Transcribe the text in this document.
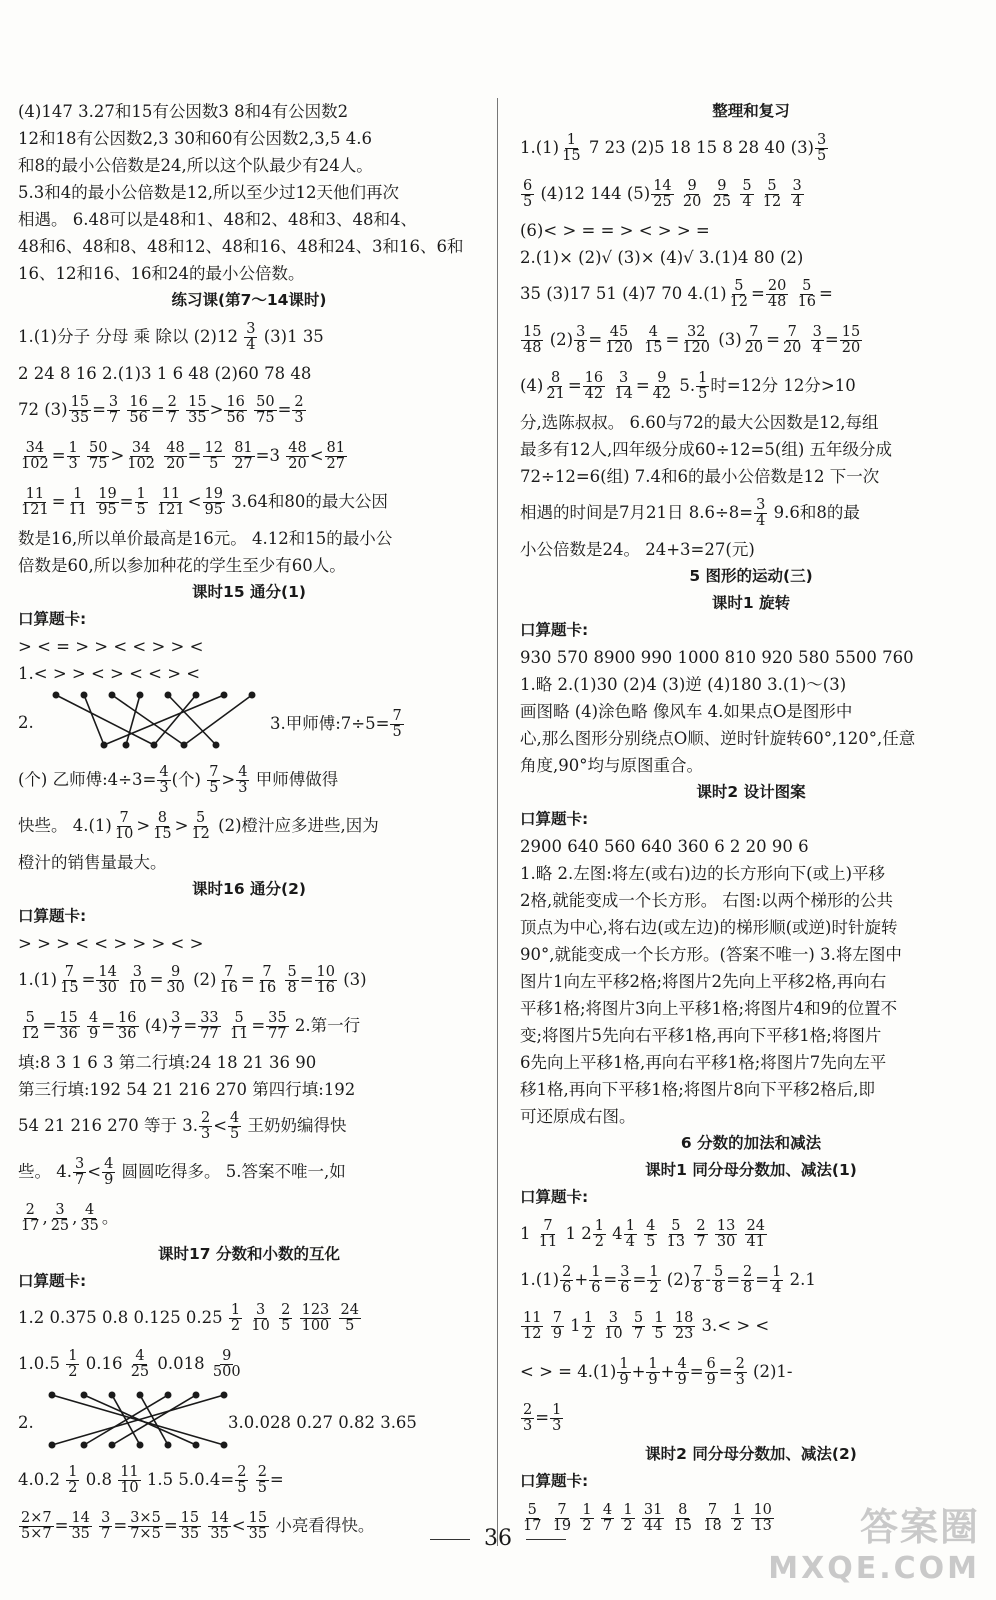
(4)147 3.27和15有公因数3 8和4有公因数2
12和18有公因数2,3 30和60有公因数2,3,5 4.6
和8的最小公倍数是24,所以这个队最少有24人。
5.3和4的最小公倍数是12,所以至少过12天他们再次
相遇。 6.48可以是48和1、48和2、48和3、48和4、
48和6、48和8、48和12、48和16、48和24、3和16、6和
16、12和16、16和24的最小公倍数。
练习课(第7～14课时)
1.(1)分子 分母 乘 除以 $(2)12 \frac{3}{4} (3)1$ 35
2 24 8 16 2.(1)3 1 6 48 (2)60 78 48
72 $(3) \frac{15}{35} = \frac{3}{7}$
$\frac{16}{56} = \frac{2}{7}$
$\frac{15}{35} > \frac{16}{56}$
$\frac{50}{75} = \frac{2}{3}$
$\frac{34}{102} = \frac{1}{3}$
$\frac{50}{75} > \frac{34}{102}$
$\frac{48}{20} = \frac{12}{5}$
$\frac{81}{27} =3 \frac{48}{20} < \frac{81}{27}$
$\frac{11}{121} = \frac{1}{11}$
$\frac{19}{95} = \frac{1}{5}$
$\frac{11}{121} < \frac{19}{95} 3.64$和80的最大公因
数是16,所以单价最高是16元。 4.12和15的最小公
倍数是60,所以参加种花的学生至少有60人。
课时15 通分(1)
口算题卡:
> < = > > < < > > <
1.< > > < > < < > <
2.	3.甲师傅:7÷5= $\frac{7}{5}$
(个) 乙师傅:4÷3= $\frac{4}{3}$ (个) $\frac{7}{5} > \frac{4}{3}$ 甲师傅做得
快些。 $4.(1) \frac{7}{10} > \frac{8}{15} > \frac{5}{12} (2)$橙汁应多进些,因为
橙汁的销售量最大。
课时16 通分(2)
口算题卡:
> > > < < > > > < >
$1.(1) \frac{7}{15} = \frac{14}{30}$
$\frac{3}{10} = \frac{9}{30} (2) \frac{7}{16} = \frac{7}{16}$
$\frac{5}{8} = \frac{10}{16} (3)$
$\frac{5}{12} = \frac{15}{36}$
$\frac{4}{9} = \frac{16}{36} (4) \frac{3}{7} = \frac{33}{77}$
$\frac{5}{11} = \frac{35}{77} 2$.第一行
填:8 3 1 6 3 第二行填:24 18 21 36 90
第三行填:192 54 21 216 270 第四行填:192
54 21 216 270 等于 3. $\frac{2}{3} < \frac{4}{5}$ 王奶奶编得快
些。 4. $\frac{3}{7} < \frac{4}{9}$ 圆圆吃得多。 5.答案不唯一,如
$\frac{2}{17}$ , $\frac{3}{25}$ , $\frac{4}{35}$ 。
课时17 分数和小数的互化
口算题卡:
1.2 0.375 0.8 0.125 $0.25 \frac{1}{2}$
$\frac{3}{10}$
$\frac{2}{5}$
$\frac{123}{100}$
$\frac{24}{5}$
$1.0.5 \frac{1}{2} 0.16 \frac{4}{25} 0.018 \frac{9}{500}$
2.	3.0.028 0.27 0.82 3.65
$4.0.2 \frac{1}{2} 0.8 \frac{11}{10} 1.5$ $5.0.4= \frac{2}{5}$
$\frac{2}{5}$ =
$\frac{2\times 7}{5\times 7} = \frac{14}{35}$
$\frac{3}{7} = \frac{3\times 5}{7\times 5} = \frac{15}{35}$
$\frac{14}{35} < \frac{15}{35}$ 小亮看得快。
整理和复习
$1.(1) \frac{1}{15} 7$ 23 (2)5 18 15 8 28 40 $(3) \frac{3}{5}$
$\frac{6}{5} (4)12$ 144 $(5) \frac{14}{25}$
$\frac{9}{20}$
$\frac{9}{25}$
$\frac{5}{4}$
$\frac{5}{12}$
$\frac{3}{4}$
(6)< > = = > < > > =
2.(1)× (2)√ (3)× (4)√ 3.(1)4 80 (2)
35 (3)17 51 (4)7 70 $4.(1) \frac{5}{12} = \frac{20}{48}$
$\frac{5}{16}$ =
$\frac{15}{48} (2) \frac{3}{8} = \frac{45}{120}$
$\frac{4}{15} = \frac{32}{120} (3) \frac{7}{20} = \frac{7}{20}$
$\frac{3}{4} = \frac{15}{20}$
$(4) \frac{8}{21} = \frac{16}{42}$
$\frac{3}{14} = \frac{9}{42} 5$. $\frac{1}{5}$ 时=12分 12分>10
分,选陈叔叔。 6.60与72的最大公因数是12,每组
最多有12人,四年级分成60÷12=5(组) 五年级分成
72÷12=6(组) 7.4和6的最小公倍数是12 下一次
相遇的时间是7月21日 $8.6\div 8= \frac{3}{4} 9.6$和8的最
小公倍数是24。 24+3=27(元)
5 图形的运动(三)
课时1 旋转
口算题卡:
930 570 8900 990 1000 810 920 580 5500 760
1.略 2.(1)30 (2)4 (3)逆 (4)180 3.(1)～(3)
画图略 (4)涂色略 像风车 4.如果点O是图形中
心,那么图形分别绕点O顺、逆时针旋转60°,120°,任意
角度,90°均与原图重合。
课时2 设计图案
口算题卡:
2900 640 560 640 360 6 2 20 90 6
1.略 2.左图:将左(或右)边的长方形向下(或上)平移
2格,就能变成一个长方形。 右图:以两个梯形的公共
顶点为中心,将右边(或左边)的梯形顺(或逆)时针旋转
90°,就能变成一个长方形。(答案不唯一) 3.将左图中
图片1向左平移2格;将图片2先向上平移2格,再向右
平移1格;将图片3向上平移1格;将图片4和9的位置不
变;将图片5先向右平移1格,再向下平移1格;将图片
6先向上平移1格,再向右平移1格;将图片7先向左平
移1格,再向下平移1格;将图片8向下平移2格后,即
可还原成右图。
6 分数的加法和减法
课时1 同分母分数加、减法(1)
口算题卡:
$1 \frac{7}{11} 1$ $2 \frac{1}{2} 4 \frac{1}{4}$
$\frac{4}{5}$
$\frac{5}{13}$
$\frac{2}{7}$
$\frac{13}{30}$
$\frac{24}{41}$
$1.(1) \frac{2}{6} + \frac{1}{6} = \frac{3}{6} = \frac{1}{2} (2) \frac{7}{8} - \frac{5}{8} = \frac{2}{8} = \frac{1}{4} 2.1$
$\frac{11}{12}$
$\frac{7}{9} 1 \frac{1}{2}$
$\frac{3}{10}$
$\frac{5}{7}$
$\frac{1}{5}$
$\frac{18}{23} 3.<$ > <
< > = $4.(1) \frac{1}{9} + \frac{1}{9} + \frac{4}{9} = \frac{6}{9} = \frac{2}{3} (2)1-$
$\frac{2}{3} = \frac{1}{3}$
课时2 同分母分数加、减法(2)
口算题卡:
$\frac{5}{17}$
$\frac{7}{19}$
$\frac{1}{2}$
$\frac{4}{7}$
$\frac{1}{2}$
$\frac{31}{44}$
$\frac{8}{15}$
$\frac{7}{18}$
$\frac{1}{2}$
$\frac{10}{13}$
36	答案圈
MXQE.COM
